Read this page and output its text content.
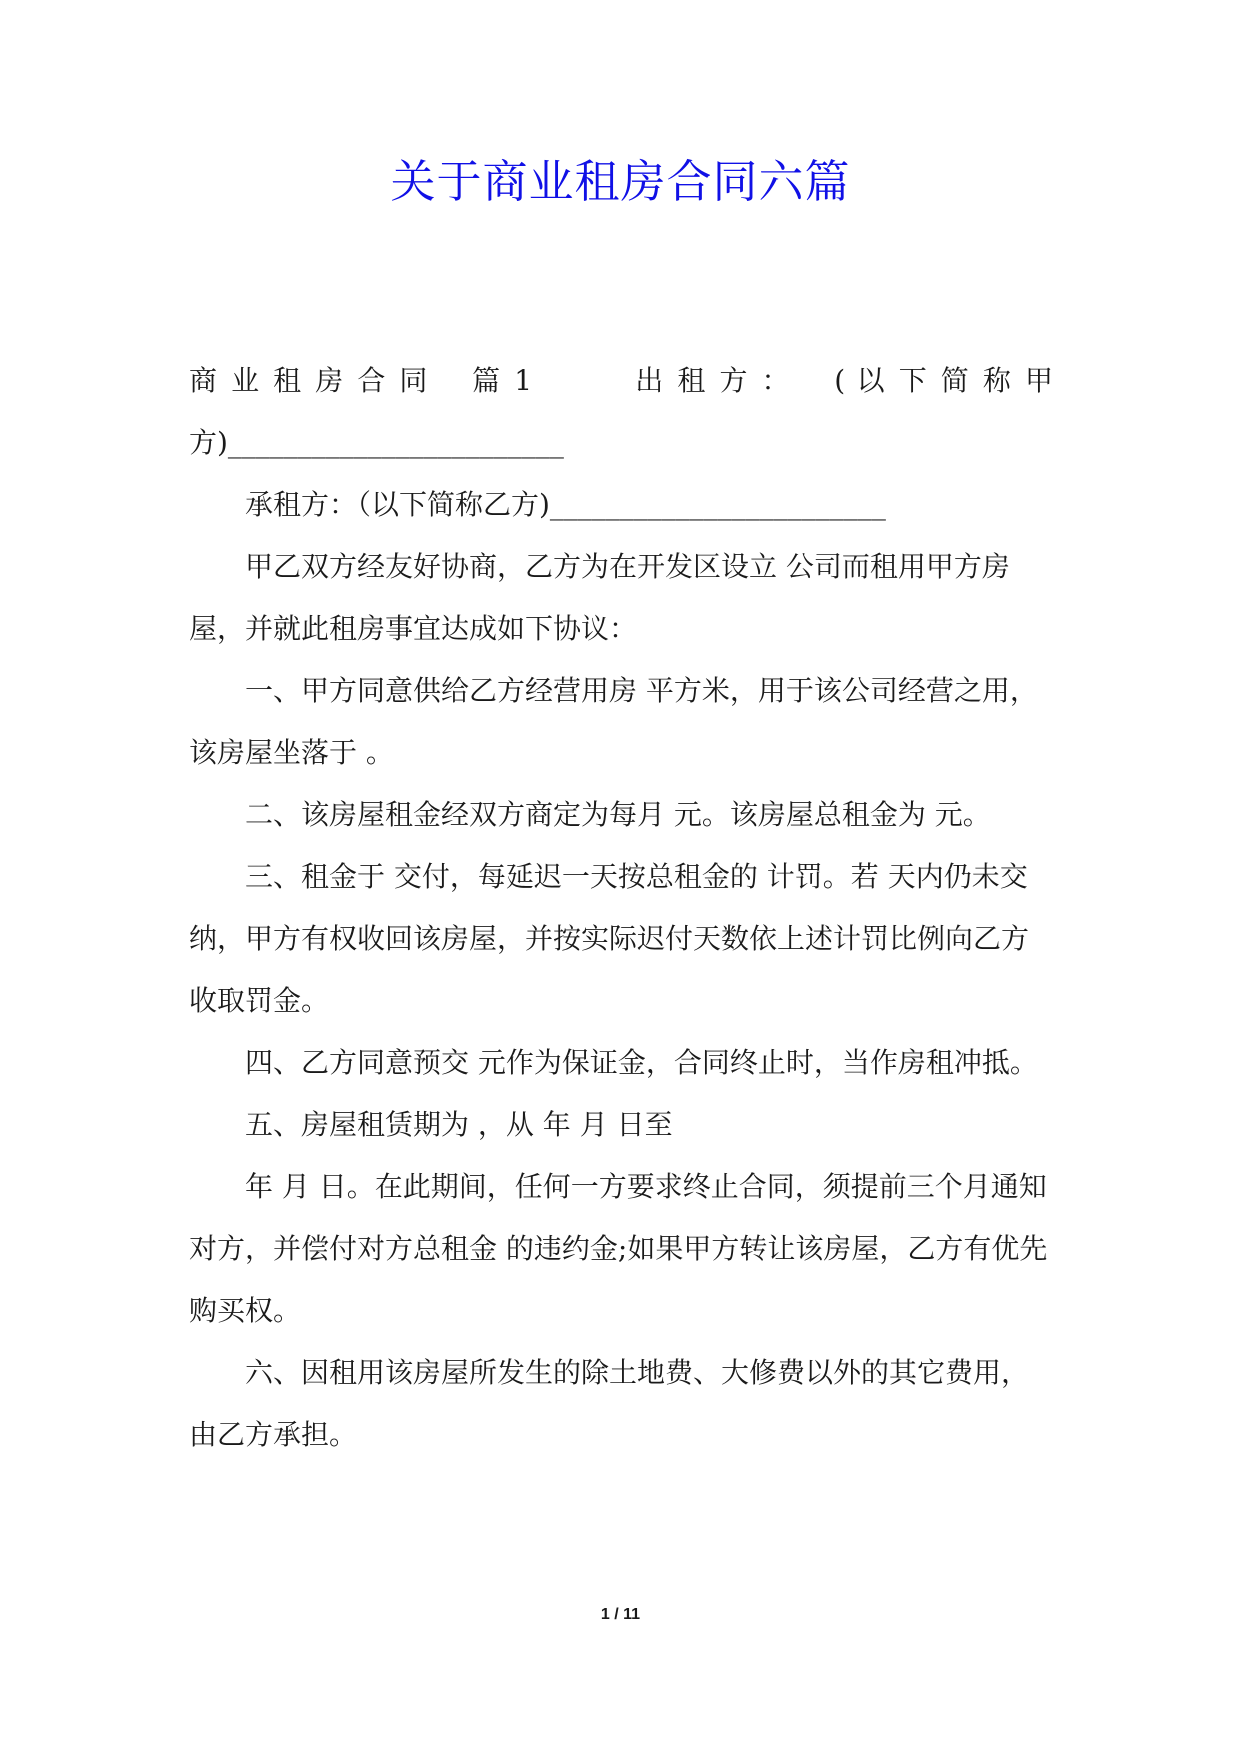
关于商业租房合同六篇

商 业 租 房 合 同 　篇 1 　　　出 租 方 ： 　( 以 下 简 称 甲

方)________________________

承租方：（以下简称乙方)________________________

甲乙双方经友好协商，乙方为在开发区设立 公司而租用甲方房屋，并就此租房事宜达成如下协议：

一、甲方同意供给乙方经营用房 平方米，用于该公司经营之用，该房屋坐落于 。

二、该房屋租金经双方商定为每月 元。该房屋总租金为 元。

三、租金于 交付，每延迟一天按总租金的 计罚。若 天内仍未交纳，甲方有权收回该房屋，并按实际迟付天数依上述计罚比例向乙方收取罚金。

四、乙方同意预交 元作为保证金，合同终止时，当作房租冲抵。

五、房屋租赁期为 ，从 年 月 日至

年 月 日。在此期间，任何一方要求终止合同，须提前三个月通知对方，并偿付对方总租金 的违约金;如果甲方转让该房屋，乙方有优先购买权。

六、因租用该房屋所发生的除土地费、大修费以外的其它费用，由乙方承担。

1 / 11
